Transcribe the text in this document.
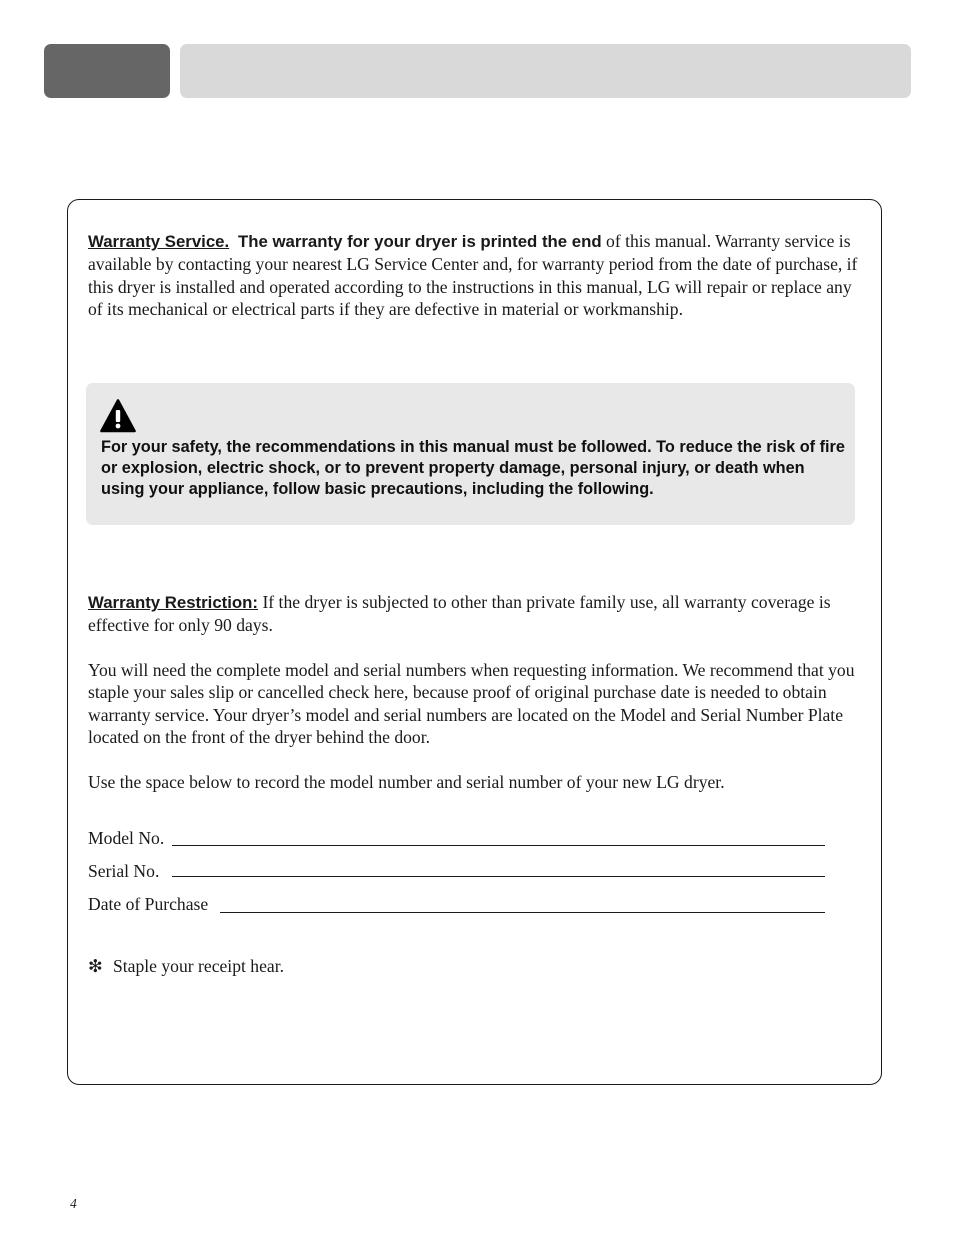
Warranty Service. The warranty for your dryer is printed the end of this manual. Warranty service is available by contacting your nearest LG Service Center and, for warranty period from the date of purchase, if this dryer is installed and operated according to the instructions in this manual, LG will repair or replace any of its mechanical or electrical parts if they are defective in material or workmanship.
For your safety, the recommendations in this manual must be followed. To reduce the risk of fire or explosion, electric shock, or to prevent property damage, personal injury, or death when using your appliance, follow basic precautions, including the following.
Warranty Restriction: If the dryer is subjected to other than private family use, all warranty coverage is effective for only 90 days.
You will need the complete model and serial numbers when requesting information. We recommend that you staple your sales slip or cancelled check here, because proof of original purchase date is needed to obtain warranty service. Your dryer’s model and serial numbers are located on the Model and Serial Number Plate located on the front of the dryer behind the door.
Use the space below to record the model number and serial number of your new LG dryer.
Model No.
Serial No.
Date of Purchase
❇ Staple your receipt hear.
4
